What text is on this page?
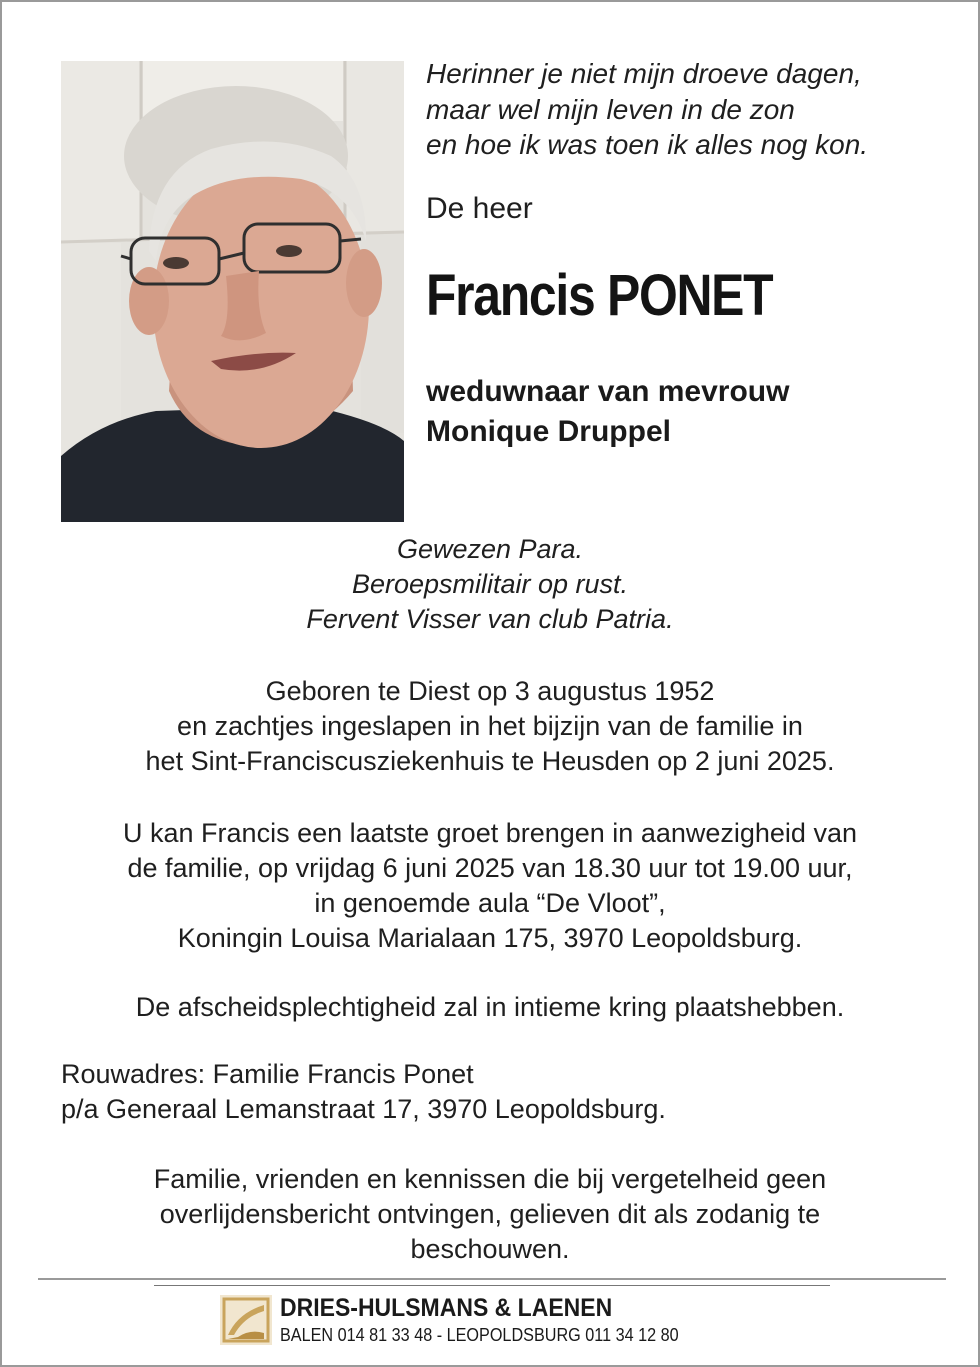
Herinner je niet mijn droeve dagen,
maar wel mijn leven in de zon
en hoe ik was toen ik alles nog kon.
De heer
Francis PONET
weduwnaar van mevrouw
Monique Druppel
Gewezen Para.
Beroepsmilitair op rust.
Fervent Visser van club Patria.
Geboren te Diest op 3 augustus 1952
en zachtjes ingeslapen in het bijzijn van de familie in
het Sint-Franciscusziekenhuis te Heusden op 2 juni 2025.
U kan Francis een laatste groet brengen in aanwezigheid van
de familie, op vrijdag 6 juni 2025 van 18.30 uur tot 19.00 uur,
in genoemde aula “De Vloot”,
Koningin Louisa Marialaan 175, 3970 Leopoldsburg.
De afscheidsplechtigheid zal in intieme kring plaatshebben.
Rouwadres: Familie Francis Ponet
p/a Generaal Lemanstraat 17, 3970 Leopoldsburg.
Familie, vrienden en kennissen die bij vergetelheid geen
overlijdensbericht ontvingen, gelieven dit als zodanig te
beschouwen.
DRIES-HULSMANS & LAENEN
BALEN 014 81 33 48 - LEOPOLDSBURG 011 34 12 80
